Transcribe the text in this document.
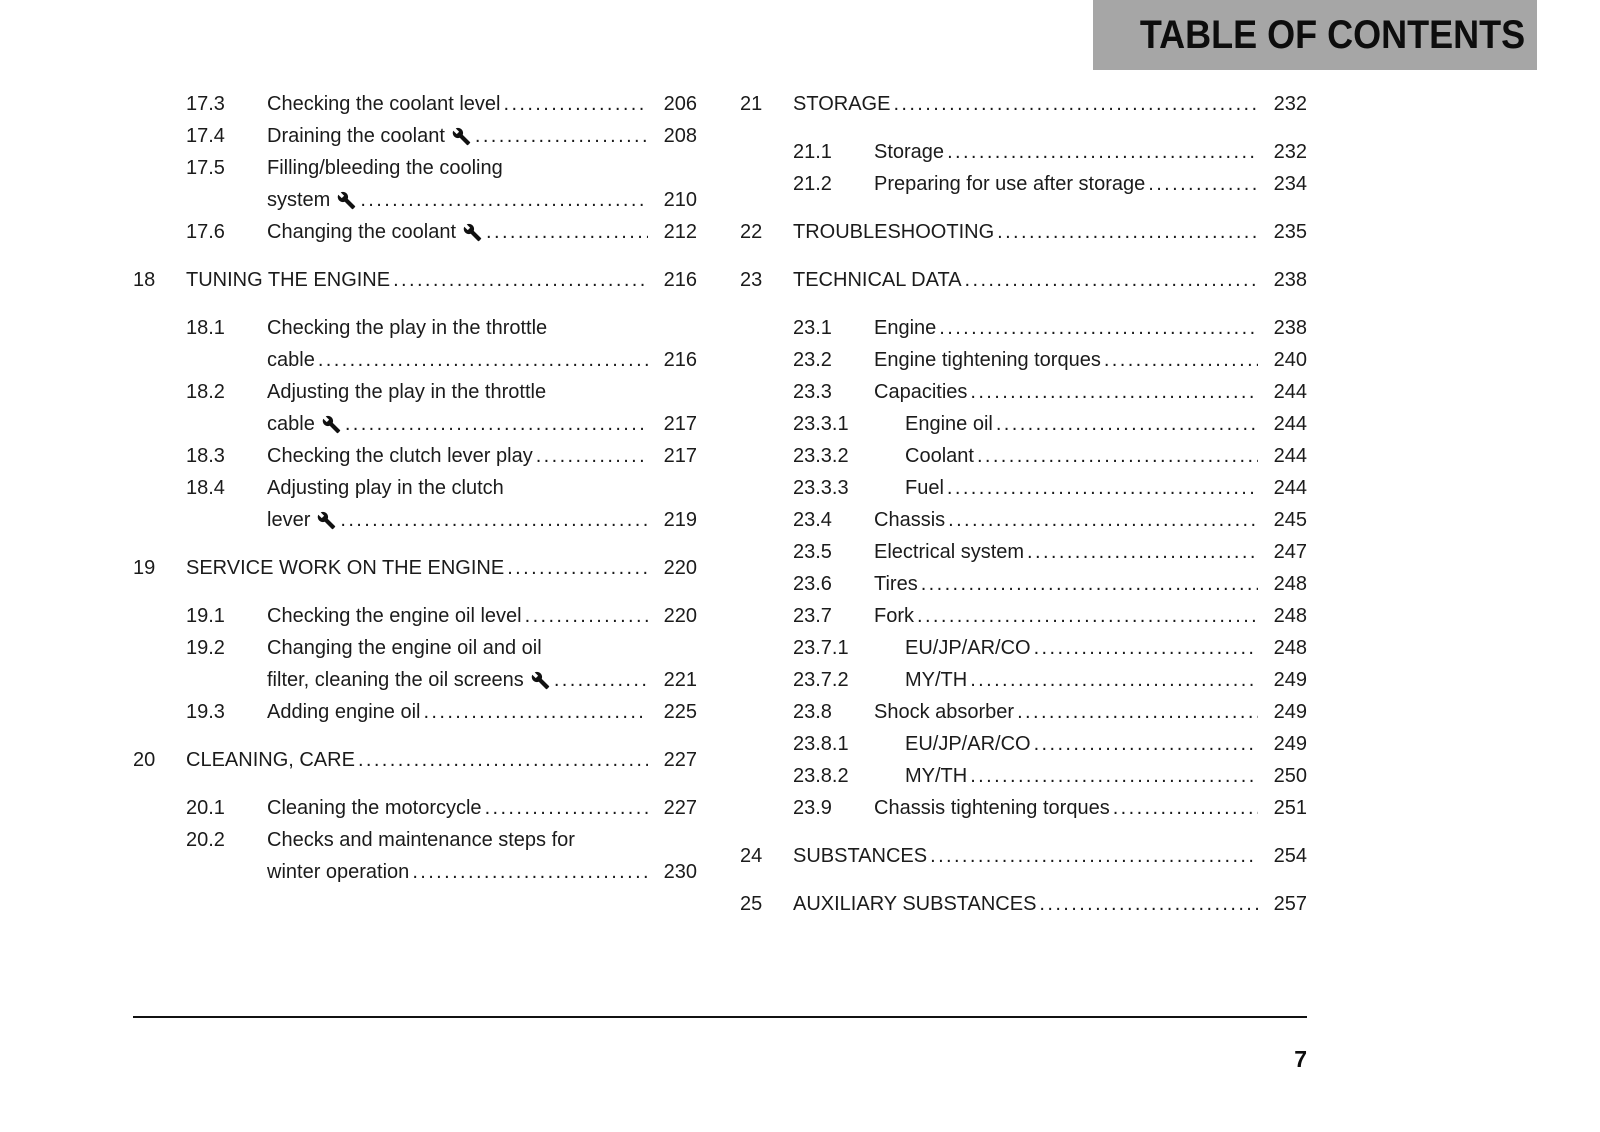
TABLE OF CONTENTS
17.3	Checking the coolant level .....	206
17.4	Draining the coolant .....	208
17.5	Filling/bleeding the cooling
system .....	210
17.6	Changing the coolant .....	212
18	TUNING THE ENGINE .....	216
18.1	Checking the play in the throttle
cable .....	216
18.2	Adjusting the play in the throttle
cable .....	217
18.3	Checking the clutch lever play .....	217
18.4	Adjusting play in the clutch
lever .....	219
19	SERVICE WORK ON THE ENGINE .....	220
19.1	Checking the engine oil level .....	220
19.2	Changing the engine oil and oil
filter, cleaning the oil screens .....	221
19.3	Adding engine oil .....	225
20	CLEANING, CARE .....	227
20.1	Cleaning the motorcycle .....	227
20.2	Checks and maintenance steps for
winter operation .....	230
21	STORAGE .....	232
21.1	Storage .....	232
21.2	Preparing for use after storage .....	234
22	TROUBLESHOOTING .....	235
23	TECHNICAL DATA .....	238
23.1	Engine .....	238
23.2	Engine tightening torques .....	240
23.3	Capacities .....	244
23.3.1	Engine oil .....	244
23.3.2	Coolant .....	244
23.3.3	Fuel .....	244
23.4	Chassis .....	245
23.5	Electrical system .....	247
23.6	Tires .....	248
23.7	Fork .....	248
23.7.1	EU/JP/AR/CO .....	248
23.7.2	MY/TH .....	249
23.8	Shock absorber .....	249
23.8.1	EU/JP/AR/CO .....	249
23.8.2	MY/TH .....	250
23.9	Chassis tightening torques .....	251
24	SUBSTANCES .....	254
25	AUXILIARY SUBSTANCES .....	257
7
